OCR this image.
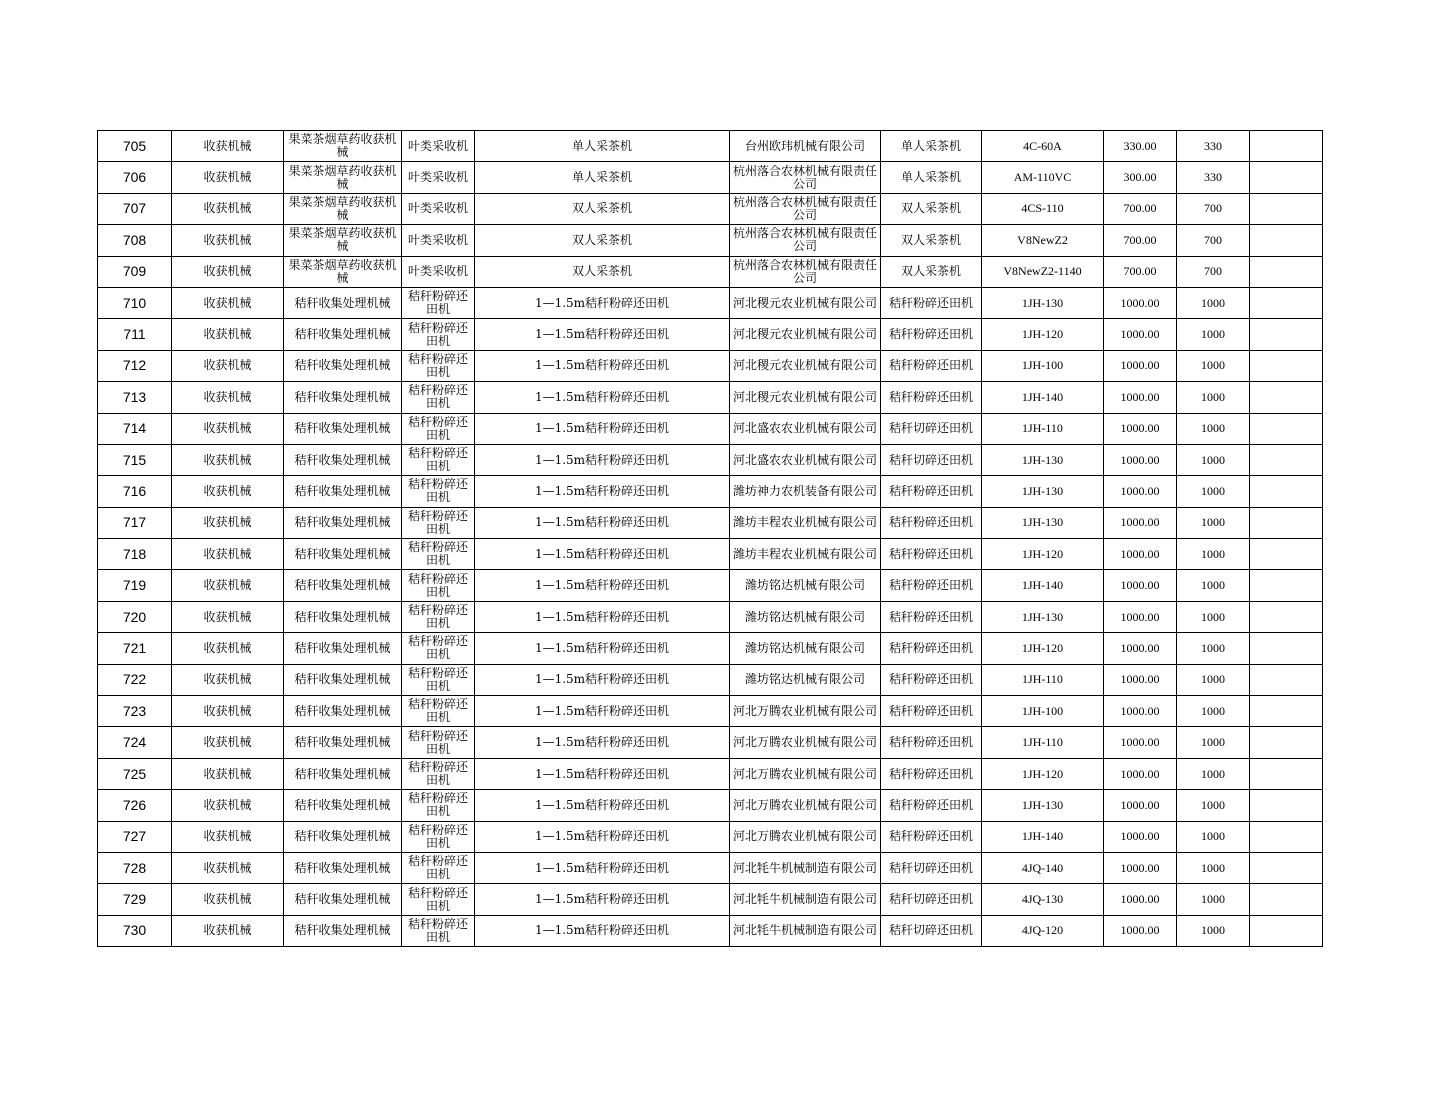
705	收获机械	果菜茶烟草药收获机械	叶类采收机	单人采茶机	台州欧玮机械有限公司	单人采茶机	4C-60A	330.00	330	

706	收获机械	果菜茶烟草药收获机械	叶类采收机	单人采茶机	杭州落合农林机械有限责任公司	单人采茶机	AM-110VC	300.00	330	

707	收获机械	果菜茶烟草药收获机械	叶类采收机	双人采茶机	杭州落合农林机械有限责任公司	双人采茶机	4CS-110	700.00	700	

708	收获机械	果菜茶烟草药收获机械	叶类采收机	双人采茶机	杭州落合农林机械有限责任公司	双人采茶机	V8NewZ2	700.00	700	

709	收获机械	果菜茶烟草药收获机械	叶类采收机	双人采茶机	杭州落合农林机械有限责任公司	双人采茶机	V8NewZ2-1140	700.00	700	

710	收获机械	秸秆收集处理机械	秸秆粉碎还田机	1—1.5m秸秆粉碎还田机	河北稷元农业机械有限公司	秸秆粉碎还田机	1JH-130	1000.00	1000	

711	收获机械	秸秆收集处理机械	秸秆粉碎还田机	1—1.5m秸秆粉碎还田机	河北稷元农业机械有限公司	秸秆粉碎还田机	1JH-120	1000.00	1000	

712	收获机械	秸秆收集处理机械	秸秆粉碎还田机	1—1.5m秸秆粉碎还田机	河北稷元农业机械有限公司	秸秆粉碎还田机	1JH-100	1000.00	1000	

713	收获机械	秸秆收集处理机械	秸秆粉碎还田机	1—1.5m秸秆粉碎还田机	河北稷元农业机械有限公司	秸秆粉碎还田机	1JH-140	1000.00	1000	

714	收获机械	秸秆收集处理机械	秸秆粉碎还田机	1—1.5m秸秆粉碎还田机	河北盛农农业机械有限公司	秸秆切碎还田机	1JH-110	1000.00	1000	

715	收获机械	秸秆收集处理机械	秸秆粉碎还田机	1—1.5m秸秆粉碎还田机	河北盛农农业机械有限公司	秸秆切碎还田机	1JH-130	1000.00	1000	

716	收获机械	秸秆收集处理机械	秸秆粉碎还田机	1—1.5m秸秆粉碎还田机	潍坊神力农机装备有限公司	秸秆粉碎还田机	1JH-130	1000.00	1000	

717	收获机械	秸秆收集处理机械	秸秆粉碎还田机	1—1.5m秸秆粉碎还田机	潍坊丰程农业机械有限公司	秸秆粉碎还田机	1JH-130	1000.00	1000	

718	收获机械	秸秆收集处理机械	秸秆粉碎还田机	1—1.5m秸秆粉碎还田机	潍坊丰程农业机械有限公司	秸秆粉碎还田机	1JH-120	1000.00	1000	

719	收获机械	秸秆收集处理机械	秸秆粉碎还田机	1—1.5m秸秆粉碎还田机	潍坊铭达机械有限公司	秸秆粉碎还田机	1JH-140	1000.00	1000	

720	收获机械	秸秆收集处理机械	秸秆粉碎还田机	1—1.5m秸秆粉碎还田机	潍坊铭达机械有限公司	秸秆粉碎还田机	1JH-130	1000.00	1000	

721	收获机械	秸秆收集处理机械	秸秆粉碎还田机	1—1.5m秸秆粉碎还田机	潍坊铭达机械有限公司	秸秆粉碎还田机	1JH-120	1000.00	1000	

722	收获机械	秸秆收集处理机械	秸秆粉碎还田机	1—1.5m秸秆粉碎还田机	潍坊铭达机械有限公司	秸秆粉碎还田机	1JH-110	1000.00	1000	

723	收获机械	秸秆收集处理机械	秸秆粉碎还田机	1—1.5m秸秆粉碎还田机	河北万腾农业机械有限公司	秸秆粉碎还田机	1JH-100	1000.00	1000	

724	收获机械	秸秆收集处理机械	秸秆粉碎还田机	1—1.5m秸秆粉碎还田机	河北万腾农业机械有限公司	秸秆粉碎还田机	1JH-110	1000.00	1000	

725	收获机械	秸秆收集处理机械	秸秆粉碎还田机	1—1.5m秸秆粉碎还田机	河北万腾农业机械有限公司	秸秆粉碎还田机	1JH-120	1000.00	1000	

726	收获机械	秸秆收集处理机械	秸秆粉碎还田机	1—1.5m秸秆粉碎还田机	河北万腾农业机械有限公司	秸秆粉碎还田机	1JH-130	1000.00	1000	

727	收获机械	秸秆收集处理机械	秸秆粉碎还田机	1—1.5m秸秆粉碎还田机	河北万腾农业机械有限公司	秸秆粉碎还田机	1JH-140	1000.00	1000	

728	收获机械	秸秆收集处理机械	秸秆粉碎还田机	1—1.5m秸秆粉碎还田机	河北牦牛机械制造有限公司	秸秆切碎还田机	4JQ-140	1000.00	1000	

729	收获机械	秸秆收集处理机械	秸秆粉碎还田机	1—1.5m秸秆粉碎还田机	河北牦牛机械制造有限公司	秸秆切碎还田机	4JQ-130	1000.00	1000	

730	收获机械	秸秆收集处理机械	秸秆粉碎还田机	1—1.5m秸秆粉碎还田机	河北牦牛机械制造有限公司	秸秆切碎还田机	4JQ-120	1000.00	1000	
